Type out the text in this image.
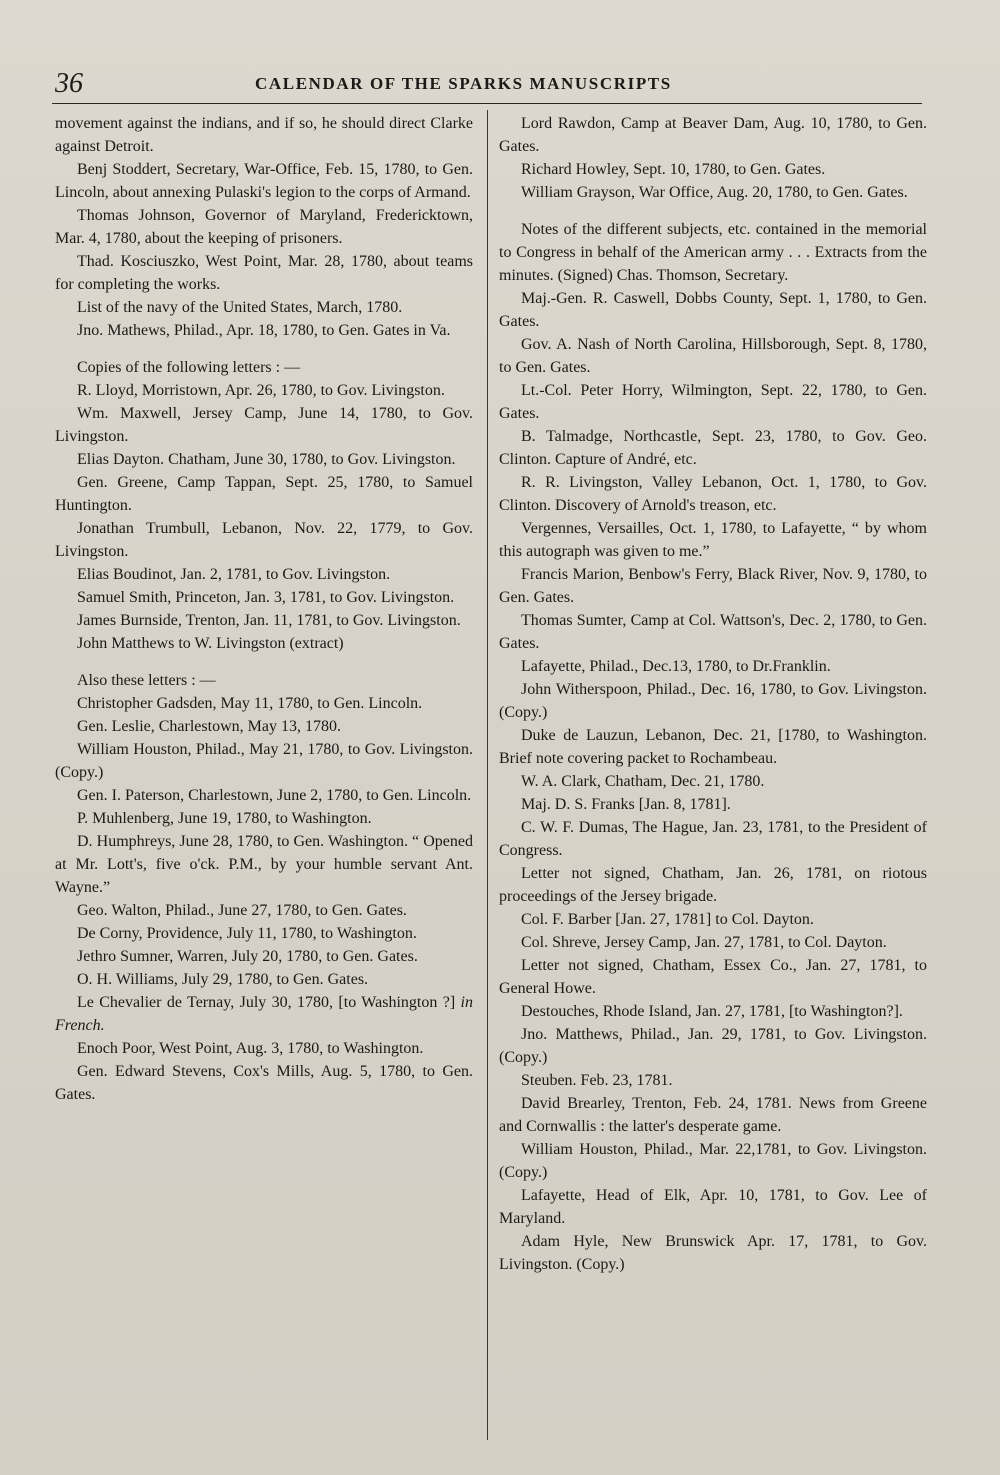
36	CALENDAR OF THE SPARKS MANUSCRIPTS

movement against the indians, and if so, he should direct Clarke against Detroit.

Benj Stoddert, Secretary, War-Office, Feb. 15, 1780, to Gen. Lincoln, about annexing Pulaski's legion to the corps of Armand.

Thomas Johnson, Governor of Maryland, Fredericktown, Mar. 4, 1780, about the keeping of prisoners.

Thad. Kosciuszko, West Point, Mar. 28, 1780, about teams for completing the works.

List of the navy of the United States, March, 1780.

Jno. Mathews, Philad., Apr. 18, 1780, to Gen. Gates in Va.

Copies of the following letters : —

R. Lloyd, Morristown, Apr. 26, 1780, to Gov. Livingston.

Wm. Maxwell, Jersey Camp, June 14, 1780, to Gov. Livingston.

Elias Dayton. Chatham, June 30, 1780, to Gov. Livingston.

Gen. Greene, Camp Tappan, Sept. 25, 1780, to Samuel Huntington.

Jonathan Trumbull, Lebanon, Nov. 22, 1779, to Gov. Livingston.

Elias Boudinot, Jan. 2, 1781, to Gov. Livingston.

Samuel Smith, Princeton, Jan. 3, 1781, to Gov. Livingston.

James Burnside, Trenton, Jan. 11, 1781, to Gov. Livingston.

John Matthews to W. Livingston (extract)

Also these letters : —

Christopher Gadsden, May 11, 1780, to Gen. Lincoln.

Gen. Leslie, Charlestown, May 13, 1780.

William Houston, Philad., May 21, 1780, to Gov. Livingston. (Copy.)

Gen. I. Paterson, Charlestown, June 2, 1780, to Gen. Lincoln.

P. Muhlenberg, June 19, 1780, to Washington.

D. Humphreys, June 28, 1780, to Gen. Washington. “ Opened at Mr. Lott's, five o'ck. P.M., by your humble servant Ant. Wayne.”

Geo. Walton, Philad., June 27, 1780, to Gen. Gates.

De Corny, Providence, July 11, 1780, to Washington.

Jethro Sumner, Warren, July 20, 1780, to Gen. Gates.

O. H. Williams, July 29, 1780, to Gen. Gates.

Le Chevalier de Ternay, July 30, 1780, [to Washington ?] in French.

Enoch Poor, West Point, Aug. 3, 1780, to Washington.

Gen. Edward Stevens, Cox's Mills, Aug. 5, 1780, to Gen. Gates.

Lord Rawdon, Camp at Beaver Dam, Aug. 10, 1780, to Gen. Gates.

Richard Howley, Sept. 10, 1780, to Gen. Gates.

William Grayson, War Office, Aug. 20, 1780, to Gen. Gates.

Notes of the different subjects, etc. contained in the memorial to Congress in behalf of the American army . . . Extracts from the minutes. (Signed) Chas. Thomson, Secretary.

Maj.-Gen. R. Caswell, Dobbs County, Sept. 1, 1780, to Gen. Gates.

Gov. A. Nash of North Carolina, Hillsborough, Sept. 8, 1780, to Gen. Gates.

Lt.-Col. Peter Horry, Wilmington, Sept. 22, 1780, to Gen. Gates.

B. Talmadge, Northcastle, Sept. 23, 1780, to Gov. Geo. Clinton. Capture of André, etc.

R. R. Livingston, Valley Lebanon, Oct. 1, 1780, to Gov. Clinton. Discovery of Arnold's treason, etc.

Vergennes, Versailles, Oct. 1, 1780, to Lafayette, “ by whom this autograph was given to me.”

Francis Marion, Benbow's Ferry, Black River, Nov. 9, 1780, to Gen. Gates.

Thomas Sumter, Camp at Col. Wattson's, Dec. 2, 1780, to Gen. Gates.

Lafayette, Philad., Dec.13, 1780, to Dr.Franklin.

John Witherspoon, Philad., Dec. 16, 1780, to Gov. Livingston. (Copy.)

Duke de Lauzun, Lebanon, Dec. 21, [1780, to Washington. Brief note covering packet to Rochambeau.

W. A. Clark, Chatham, Dec. 21, 1780.

Maj. D. S. Franks [Jan. 8, 1781].

C. W. F. Dumas, The Hague, Jan. 23, 1781, to the President of Congress.

Letter not signed, Chatham, Jan. 26, 1781, on riotous proceedings of the Jersey brigade.

Col. F. Barber [Jan. 27, 1781] to Col. Dayton.

Col. Shreve, Jersey Camp, Jan. 27, 1781, to Col. Dayton.

Letter not signed, Chatham, Essex Co., Jan. 27, 1781, to General Howe.

Destouches, Rhode Island, Jan. 27, 1781, [to Washington?].

Jno. Matthews, Philad., Jan. 29, 1781, to Gov. Livingston. (Copy.)

Steuben. Feb. 23, 1781.

David Brearley, Trenton, Feb. 24, 1781. News from Greene and Cornwallis : the latter's desperate game.

William Houston, Philad., Mar. 22,1781, to Gov. Livingston. (Copy.)

Lafayette, Head of Elk, Apr. 10, 1781, to Gov. Lee of Maryland.

Adam Hyle, New Brunswick Apr. 17, 1781, to Gov. Livingston. (Copy.)
